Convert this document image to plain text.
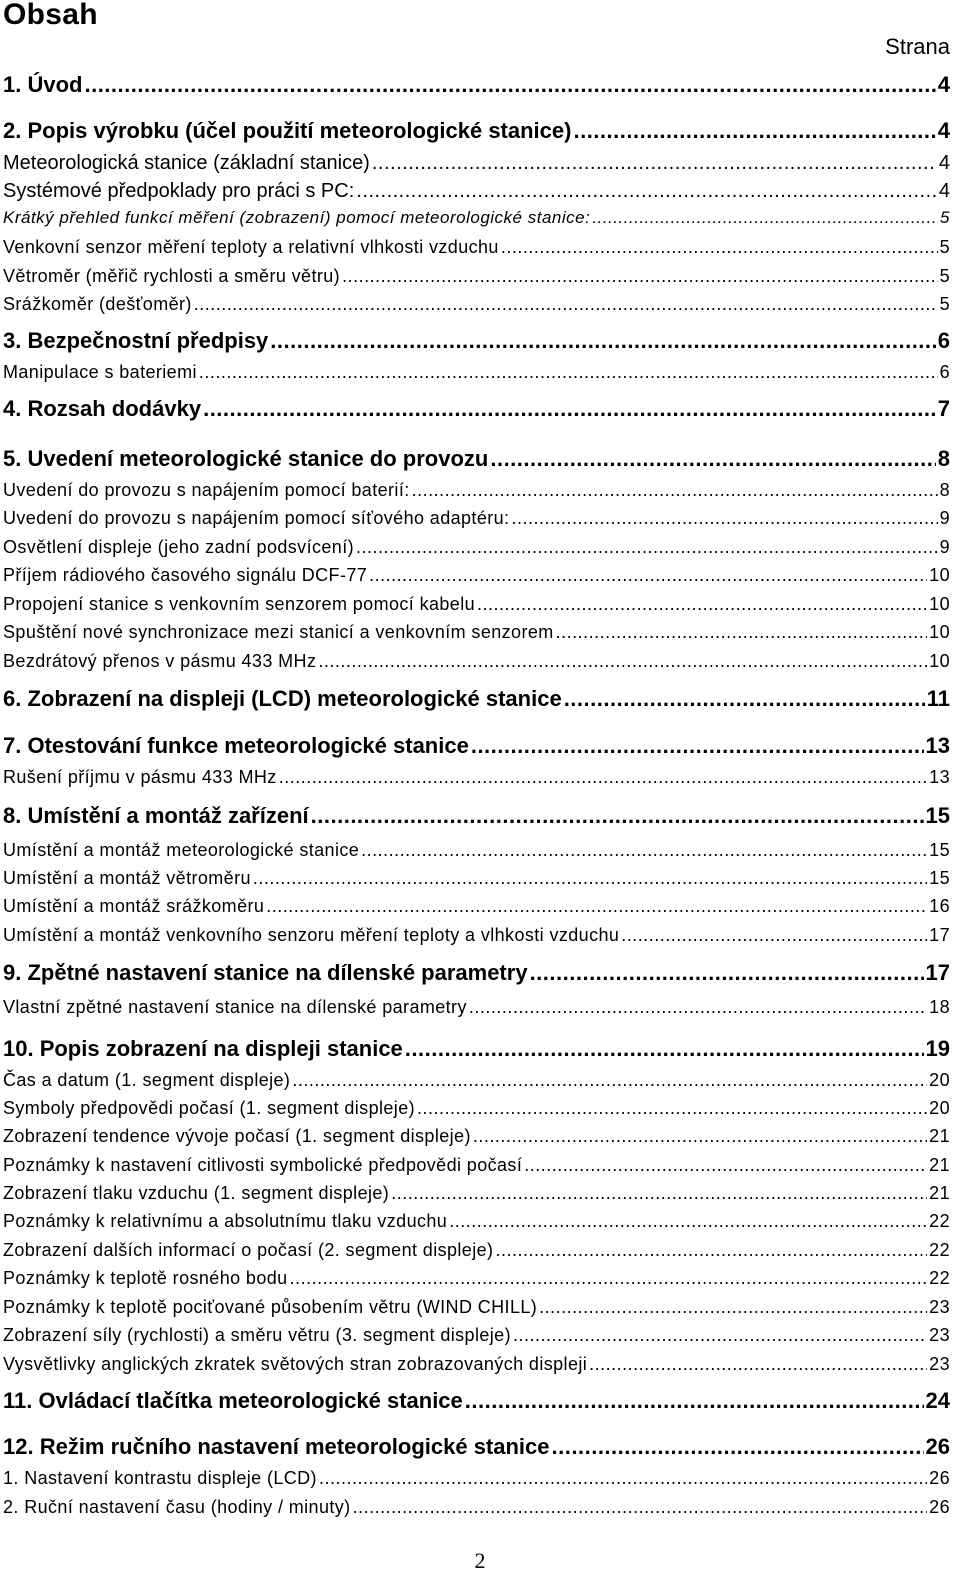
Obsah
Strana
1. Úvod .....	4
2. Popis výrobku (účel použití meteorologické stanice) .....	4
Meteorologická stanice (základní stanice) .....	4
Systémové předpoklady pro práci s PC: .....	4
Krátký přehled funkcí měření (zobrazení) pomocí meteorologické stanice: .....	5
Venkovní senzor měření teploty a relativní vlhkosti vzduchu .....	5
Větroměr (měřič rychlosti a směru větru) .....	5
Srážkoměr (dešťoměr) .....	5
3. Bezpečnostní předpisy .....	6
Manipulace s bateriemi .....	6
4. Rozsah dodávky .....	7
5. Uvedení meteorologické stanice do provozu .....	8
Uvedení do provozu s napájením pomocí baterií: .....	8
Uvedení do provozu s napájením pomocí síťového adaptéru: .....	9
Osvětlení displeje (jeho zadní podsvícení) .....	9
Příjem rádiového časového signálu DCF-77 .....	10
Propojení stanice s venkovním senzorem pomocí kabelu .....	10
Spuštění nové synchronizace mezi stanicí a venkovním senzorem .....	10
Bezdrátový přenos v pásmu 433 MHz .....	10
6. Zobrazení na displeji (LCD) meteorologické stanice .....	11
7. Otestování funkce meteorologické stanice .....	13
Rušení příjmu v pásmu 433 MHz .....	13
8. Umístění a montáž zařízení .....	15
Umístění a montáž meteorologické stanice .....	15
Umístění a montáž větroměru .....	15
Umístění a montáž srážkoměru .....	16
Umístění a montáž venkovního senzoru měření teploty a vlhkosti vzduchu .....	17
9. Zpětné nastavení stanice na dílenské parametry .....	17
Vlastní zpětné nastavení stanice na dílenské parametry .....	18
10. Popis zobrazení na displeji stanice .....	19
Čas a datum (1. segment displeje) .....	20
Symboly předpovědi počasí (1. segment displeje) .....	20
Zobrazení tendence vývoje počasí (1. segment displeje) .....	21
Poznámky k nastavení citlivosti symbolické předpovědi počasí .....	21
Zobrazení tlaku vzduchu (1. segment displeje) .....	21
Poznámky k relativnímu a absolutnímu tlaku vzduchu .....	22
Zobrazení dalších informací o počasí (2. segment displeje) .....	22
Poznámky k teplotě rosného bodu .....	22
Poznámky k teplotě pociťované působením větru (WIND CHILL) .....	23
Zobrazení síly (rychlosti) a směru větru (3. segment displeje) .....	23
Vysvětlivky anglických zkratek světových stran zobrazovaných displeji .....	23
11. Ovládací tlačítka meteorologické stanice .....	24
12. Režim ručního nastavení meteorologické stanice .....	26
1. Nastavení kontrastu displeje (LCD) .....	26
2. Ruční nastavení času (hodiny / minuty) .....	26
2
